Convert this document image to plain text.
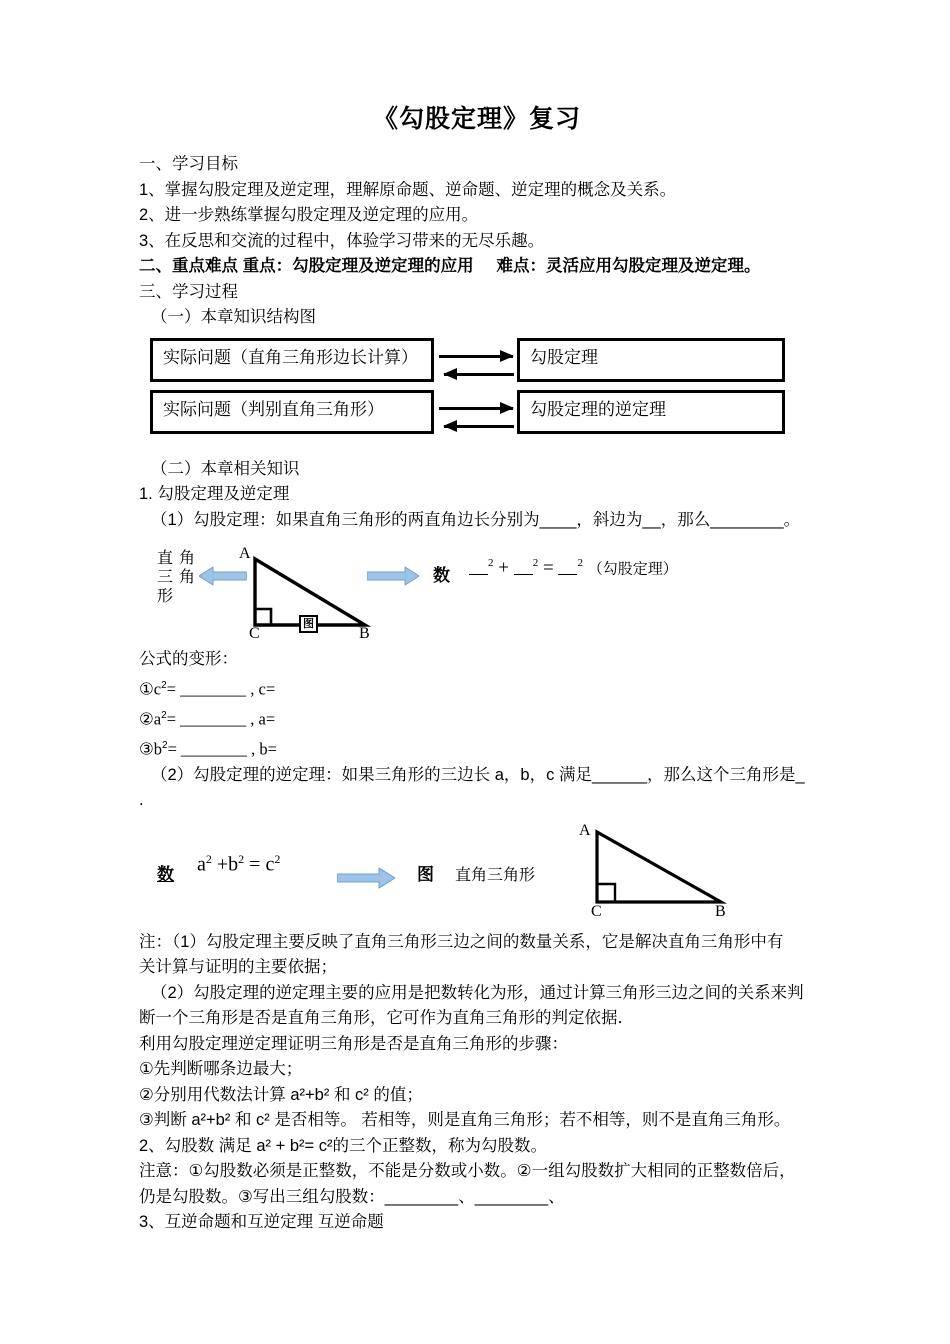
《勾股定理》复习
一、学习目标
1、掌握勾股定理及逆定理，理解原命题、逆命题、逆定理的概念及关系。
2、进一步熟练掌握勾股定理及逆定理的应用。
3、在反思和交流的过程中，体验学习带来的无尽乐趣。
二、重点难点 重点：勾股定理及逆定理的应用     难点：灵活应用勾股定理及逆定理。
三、学习过程
（一）本章知识结构图
实际问题（直角三角形边长计算）
实际问题（判别直角三角形）
勾股定理
勾股定理的逆定理
（二）本章相关知识
1. 勾股定理及逆定理
（1）勾股定理：如果直角三角形的两直角边长分别为____，斜边为__，那么________。
直
三
形角
角
A
C	B
图
数
$^2$ + $^2$ = $^2$ （勾股定理）
公式的变形：
$①c^2=$ ________ , c=
$②a^2=$ ________ , a=
$③b^2=$ ________ , b=
（2）勾股定理的逆定理：如果三角形的三边长 a，b，c 满足______，那么这个三角形是_
.
数 $a^2 +b^2 = c^2$
图 直角三角形
A
C	B
注：（1）勾股定理主要反映了直角三角形三边之间的数量关系，它是解决直角三角形中有
关计算与证明的主要依据；
（2）勾股定理的逆定理主要的应用是把数转化为形，通过计算三角形三边之间的关系来判
断一个三角形是否是直角三角形，它可作为直角三角形的判定依据．
利用勾股定理逆定理证明三角形是否是直角三角形的步骤：
①先判断哪条边最大；
②分别用代数法计算 a²+b² 和 c² 的值；
③判断 a²+b² 和 c² 是否相等。 若相等，则是直角三角形；若不相等，则不是直角三角形。
2、勾股数 满足 a² + b²= c²的三个正整数，称为勾股数。
注意：①勾股数必须是正整数，不能是分数或小数。②一组勾股数扩大相同的正整数倍后，
仍是勾股数。③写出三组勾股数：________、________、
3、互逆命题和互逆定理 互逆命题
